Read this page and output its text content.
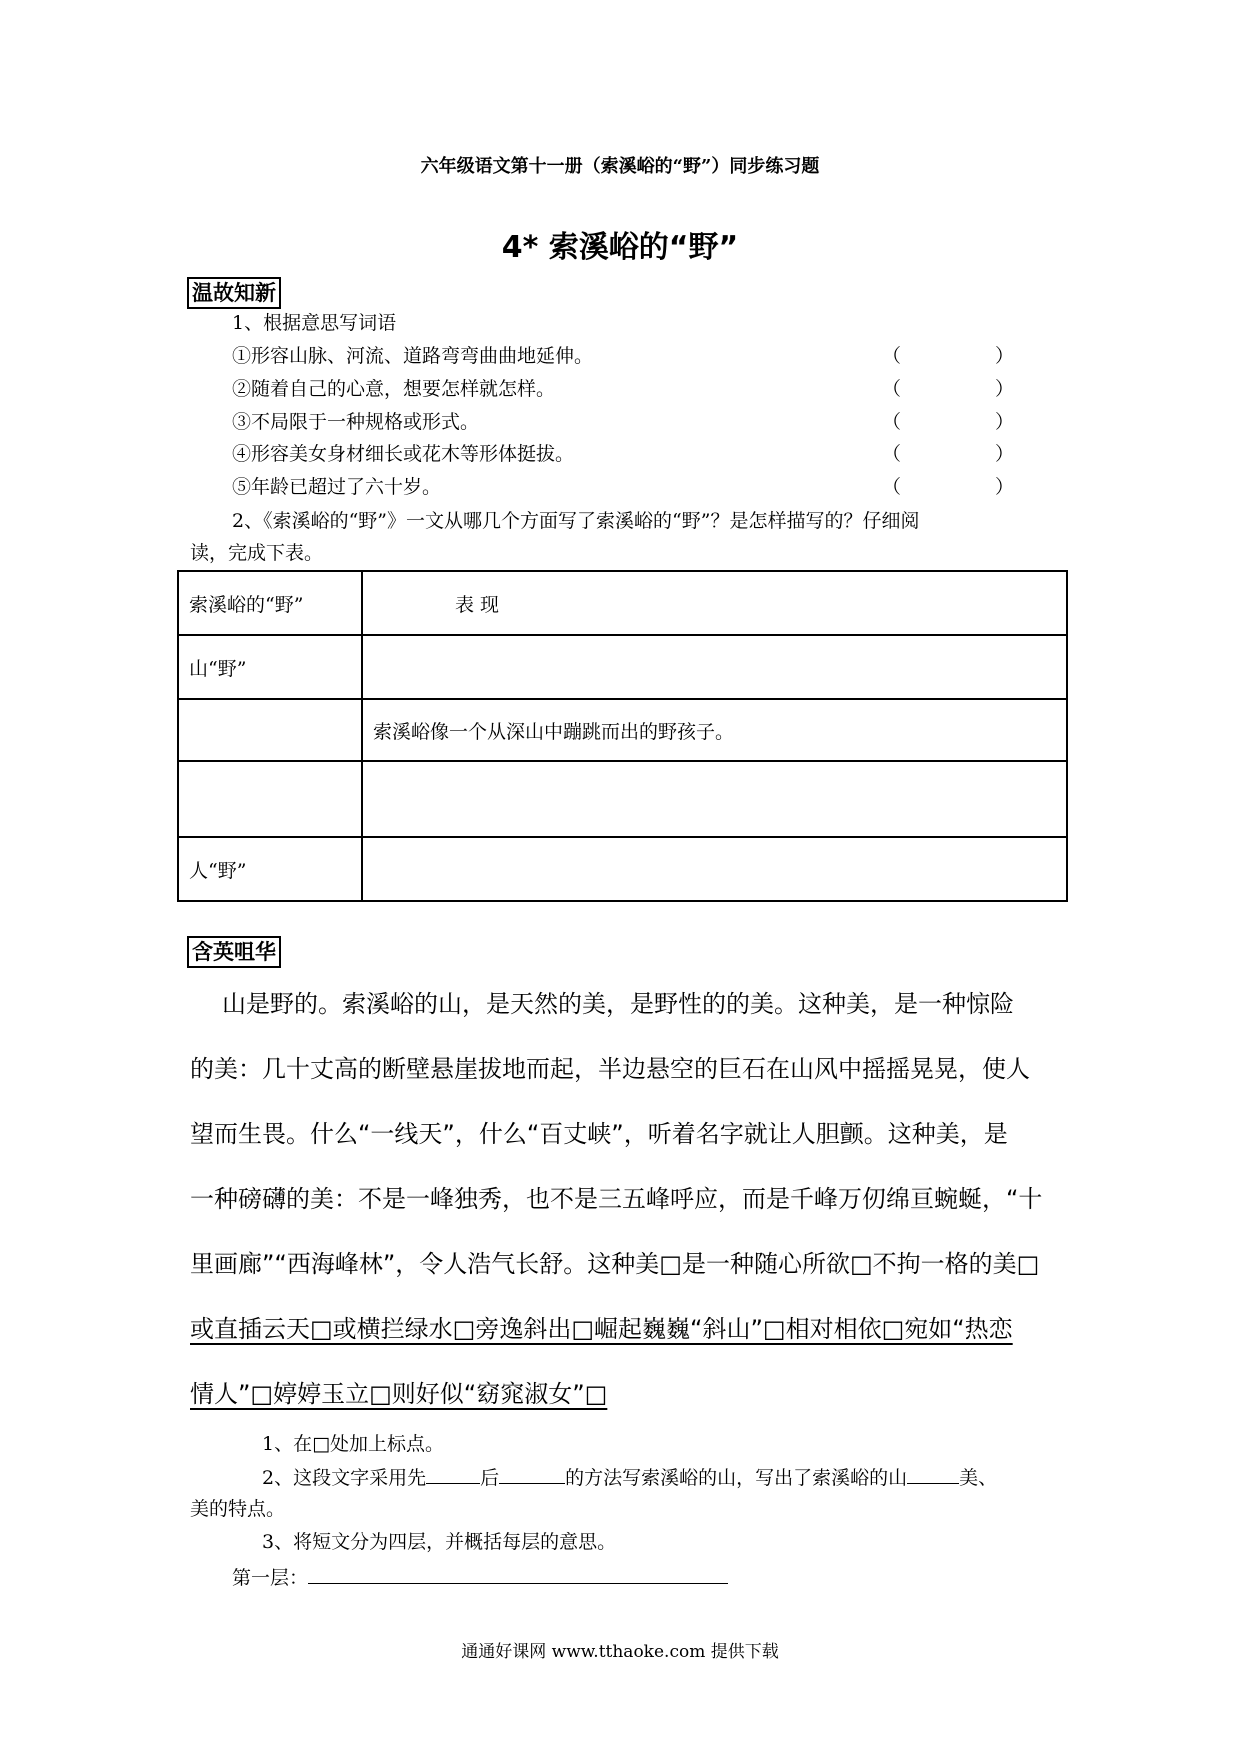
六年级语文第十一册（索溪峪的“野”）同步练习题
4* 索溪峪的“野”
温故知新
1、根据意思写词语
①形容山脉、河流、道路弯弯曲曲地延伸。	（	）
②随着自己的心意，想要怎样就怎样。	（	）
③不局限于一种规格或形式。	（	）
④形容美女身材细长或花木等形体挺拔。	（	）
⑤年龄已超过了六十岁。	（	）
2、《索溪峪的“野”》一文从哪几个方面写了索溪峪的“野”？是怎样描写的？仔细阅
读，完成下表。
索溪峪的“野”	表 现
山“野”	
	索溪峪像一个从深山中蹦跳而出的野孩子。

人“野”	
含英咀华

山是野的。索溪峪的山，是天然的美，是野性的的美。这种美，是一种惊险

的美：几十丈高的断壁悬崖拔地而起，半边悬空的巨石在山风中摇摇晃晃，使人

望而生畏。什么“一线天”，什么“百丈峡”，听着名字就让人胆颤。这种美，是

一种磅礴的美：不是一峰独秀，也不是三五峰呼应，而是千峰万仞绵亘蜿蜒，“十

里画廊”“西海峰林”，令人浩气长舒。这种美□是一种随心所欲□不拘一格的美□

或直插云天□或横拦绿水□旁逸斜出□崛起巍巍“斜山”□相对相依□宛如“热恋

情人”□婷婷玉立□则好似“窈窕淑女”□

1、在□处加上标点。
2、这段文字采用先	后	的方法写索溪峪的山，写出了索溪峪的山	美、
美的特点。
3、将短文分为四层，并概括每层的意思。
第一层：
通通好课网 www.tthaoke.com 提供下载
